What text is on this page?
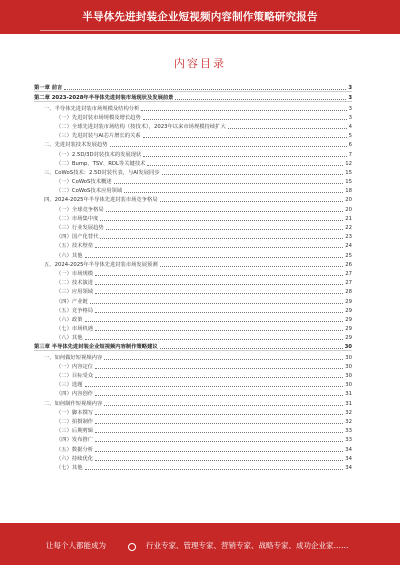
半导体先进封装企业短视频内容制作策略研究报告
内容目录
第一章 前言	3
第二章 2023-2028年半导体先进封装市场现状及发展前景	3
一、半导体先进封装市场规模及结构分析	3
（一）先进封装市场规模及增长趋势	3
（二）全球先进封装市场结构（按技术），2023年以来市场规模持续扩大	4
（三）先进封装与AI芯片增长的关系	5
二、先进封装技术发展趋势	6
（一）2.5D/3D封装技术的发展现状	7
（二）Bump、TSV、RDL等关键技术	12
三、CoWoS技术：2.5D封装代表，与AI发展同步	15
（一）CoWoS技术概述	15
（二）CoWoS技术应用领域	18
四、2024-2025年半导体先进封装市场竞争格局	20
（一）全球竞争格局	20
（二）市场集中度	21
（三）行业发展趋势	22
（四）国产化替代	23
（五）技术壁垒	24
（六）其他	25
五、2024-2025年半导体先进封装市场发展预测	26
（一）市场规模	27
（二）技术演进	27
（三）应用领域	28
（四）产业链	29
（五）竞争格局	29
（六）政策	29
（七）市场机遇	29
（八）其他	29
第三章 半导体先进封装企业短视频内容制作策略建议	30
一、如何做好短视频内容	30
（一）内容定位	30
（二）目标受众	30
（三）选题	30
（四）内容创作	31
二、如何制作短视频内容	31
（一）脚本撰写	32
（二）拍摄制作	32
（三）后期剪辑	33
（四）发布推广	33
（五）数据分析	34
（六）持续优化	34
（七）其他	34
让每个人都能成为	行业专家、管理专家、营销专家、战略专家、成功企业家……
